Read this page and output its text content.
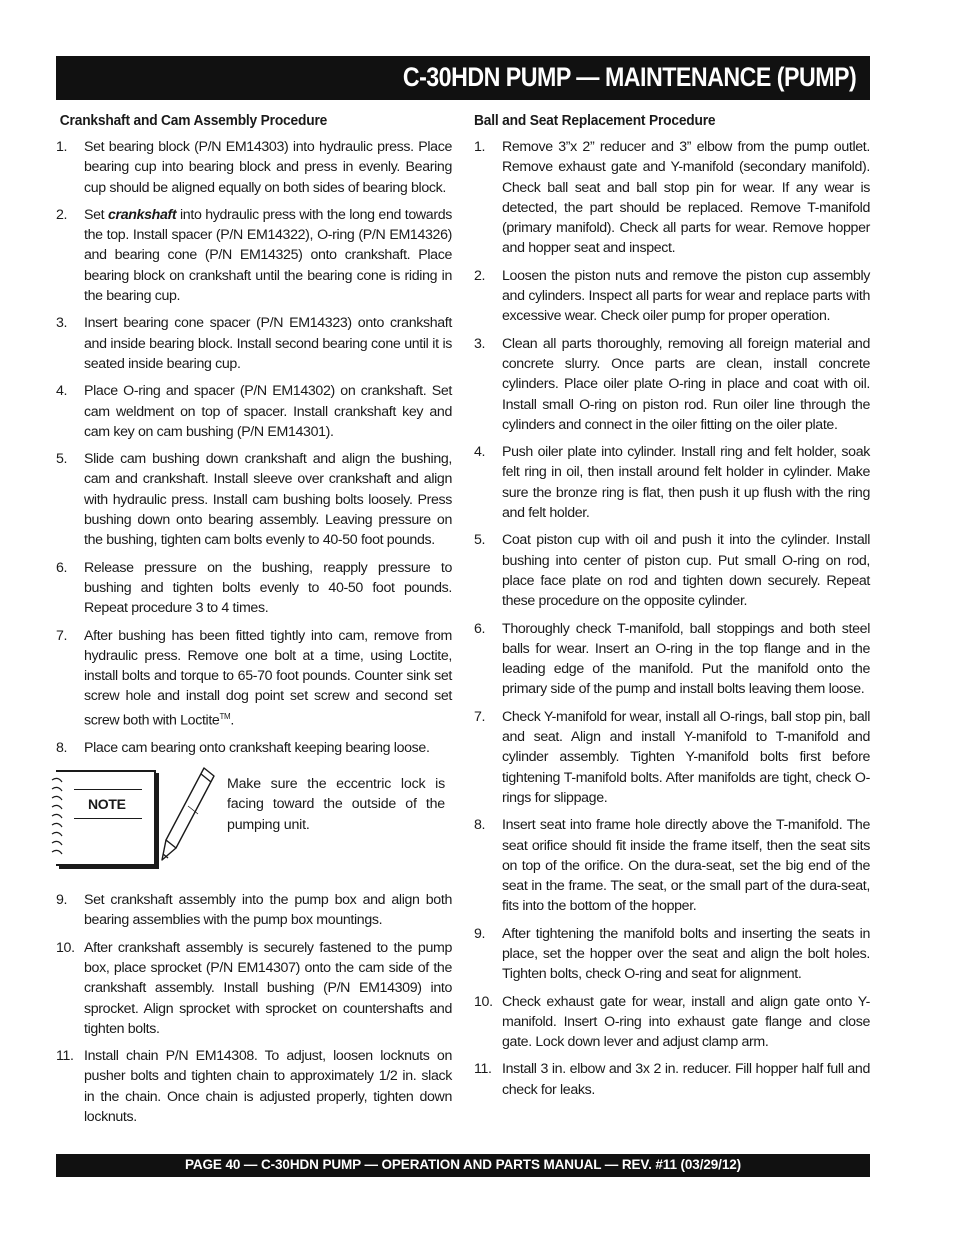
C-30HDN PUMP — MAINTENANCE (PUMP)
Crankshaft and Cam Assembly Procedure
1. Set bearing block (P/N EM14303) into hydraulic press. Place bearing cup into bearing block and press in evenly. Bearing cup should be aligned equally on both sides of bearing block.
2. Set crankshaft into hydraulic press with the long end towards the top. Install spacer (P/N EM14322), O-ring (P/N EM14326) and bearing cone (P/N EM14325) onto crankshaft. Place bearing block on crankshaft until the bearing cone is riding in the bearing cup.
3. Insert bearing cone spacer (P/N EM14323) onto crankshaft and inside bearing block. Install second bearing cone until it is seated inside bearing cup.
4. Place O-ring and spacer (P/N EM14302) on crankshaft. Set cam weldment on top of spacer. Install crankshaft key and cam key on cam bushing (P/N EM14301).
5. Slide cam bushing down crankshaft and align the bushing, cam and crankshaft. Install sleeve over crankshaft and align with hydraulic press. Install cam bushing bolts loosely. Press bushing down onto bearing assembly. Leaving pressure on the bushing, tighten cam bolts evenly to 40-50 foot pounds.
6. Release pressure on the bushing, reapply pressure to bushing and tighten bolts evenly to 40-50 foot pounds. Repeat procedure 3 to 4 times.
7. After bushing has been fitted tightly into cam, remove from hydraulic press. Remove one bolt at a time, using Loctite, install bolts and torque to 65-70 foot pounds. Counter sink set screw hole and install dog point set screw and second set screw both with Loctite™.
8. Place cam bearing onto crankshaft keeping bearing loose.
NOTE
Make sure the eccentric lock is facing toward the outside of the pumping unit.
9. Set crankshaft assembly into the pump box and align both bearing assemblies with the pump box mountings.
10. After crankshaft assembly is securely fastened to the pump box, place sprocket (P/N EM14307) onto the cam side of the crankshaft assembly. Install bushing (P/N EM14309) into sprocket. Align sprocket with sprocket on countershafts and tighten bolts.
11. Install chain P/N EM14308. To adjust, loosen locknuts on pusher bolts and tighten chain to approximately 1/2 in. slack in the chain. Once chain is adjusted properly, tighten down locknuts.
Ball and Seat Replacement Procedure
1. Remove 3”x 2” reducer and 3” elbow from the pump outlet. Remove exhaust gate and Y-manifold (secondary manifold). Check ball seat and ball stop pin for wear. If any wear is detected, the part should be replaced. Remove T-manifold (primary manifold). Check all parts for wear. Remove hopper and hopper seat and inspect.
2. Loosen the piston nuts and remove the piston cup assembly and cylinders. Inspect all parts for wear and replace parts with excessive wear. Check oiler pump for proper operation.
3. Clean all parts thoroughly, removing all foreign material and concrete slurry. Once parts are clean, install concrete cylinders. Place oiler plate O-ring in place and coat with oil. Install small O-ring on piston rod. Run oiler line through the cylinders and connect in the oiler fitting on the oiler plate.
4. Push oiler plate into cylinder. Install ring and felt holder, soak felt ring in oil, then install around felt holder in cylinder. Make sure the bronze ring is flat, then push it up flush with the ring and felt holder.
5. Coat piston cup with oil and push it into the cylinder. Install bushing into center of piston cup. Put small O-ring on rod, place face plate on rod and tighten down securely. Repeat these procedure on the opposite cylinder.
6. Thoroughly check T-manifold, ball stoppings and both steel balls for wear. Insert an O-ring in the top flange and in the leading edge of the manifold. Put the manifold onto the primary side of the pump and install bolts leaving them loose.
7. Check Y-manifold for wear, install all O-rings, ball stop pin, ball and seat. Align and install Y-manifold to T-manifold and cylinder assembly. Tighten Y-manifold bolts first before tightening T-manifold bolts. After manifolds are tight, check O-rings for slippage.
8. Insert seat into frame hole directly above the T-manifold. The seat orifice should fit inside the frame itself, then the seat sits on top of the orifice. On the dura-seat, set the big end of the seat in the frame. The seat, or the small part of the dura-seat, fits into the bottom of the hopper.
9. After tightening the manifold bolts and inserting the seats in place, set the hopper over the seat and align the bolt holes. Tighten bolts, check O-ring and seat for alignment.
10. Check exhaust gate for wear, install and align gate onto Y-manifold. Insert O-ring into exhaust gate flange and close gate. Lock down lever and adjust clamp arm.
11. Install 3 in. elbow and 3x 2 in. reducer. Fill hopper half full and check for leaks.
PAGE 40 — C-30HDN PUMP — OPERATION AND PARTS MANUAL — REV. #11 (03/29/12)
